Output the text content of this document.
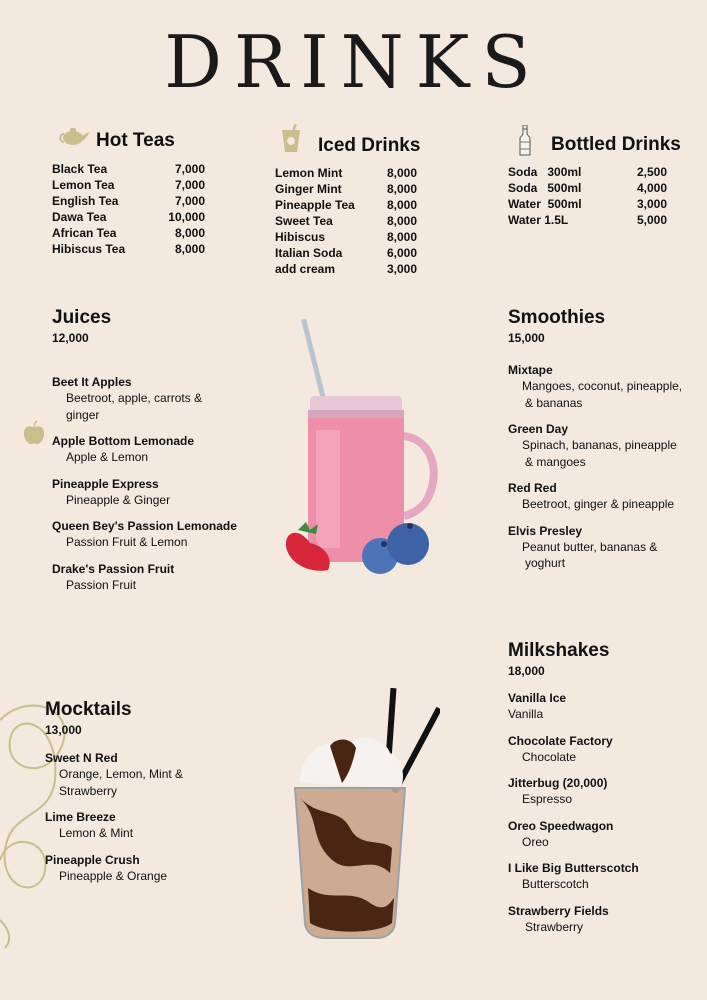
DRINKS
Hot Teas
Black Tea	7,000
Lemon Tea	7,000
English Tea	7,000
Dawa Tea	10,000
African Tea	8,000
Hibiscus Tea	8,000
Iced Drinks
Lemon Mint	8,000
Ginger Mint	8,000
Pineapple Tea	8,000
Sweet Tea	8,000
Hibiscus	8,000
Italian Soda	6,000
add cream	3,000
Bottled Drinks
Soda   300ml	2,500
Soda   500ml	4,000
Water  500ml	3,000
Water 1.5L	5,000
Juices
12,000
Beet It Apples
Beetroot, apple, carrots &
ginger
Apple Bottom Lemonade
Apple & Lemon
Pineapple Express
Pineapple & Ginger
Queen Bey's Passion Lemonade
Passion Fruit & Lemon
Drake's Passion Fruit
Passion Fruit
Smoothies
15,000
Mixtape
Mangoes, coconut, pineapple,
& bananas
Green Day
Spinach, bananas, pineapple
& mangoes
Red Red
Beetroot, ginger & pineapple
Elvis Presley
Peanut butter, bananas &
yoghurt
Mocktails
13,000
Sweet N Red
Orange, Lemon, Mint &
Strawberry
Lime Breeze
Lemon & Mint
Pineapple Crush
Pineapple & Orange
Milkshakes
18,000
Vanilla Ice
Vanilla
Chocolate Factory
Chocolate
Jitterbug (20,000)
Espresso
Oreo Speedwagon
Oreo
I Like Big Butterscotch
Butterscotch
Strawberry Fields
Strawberry
